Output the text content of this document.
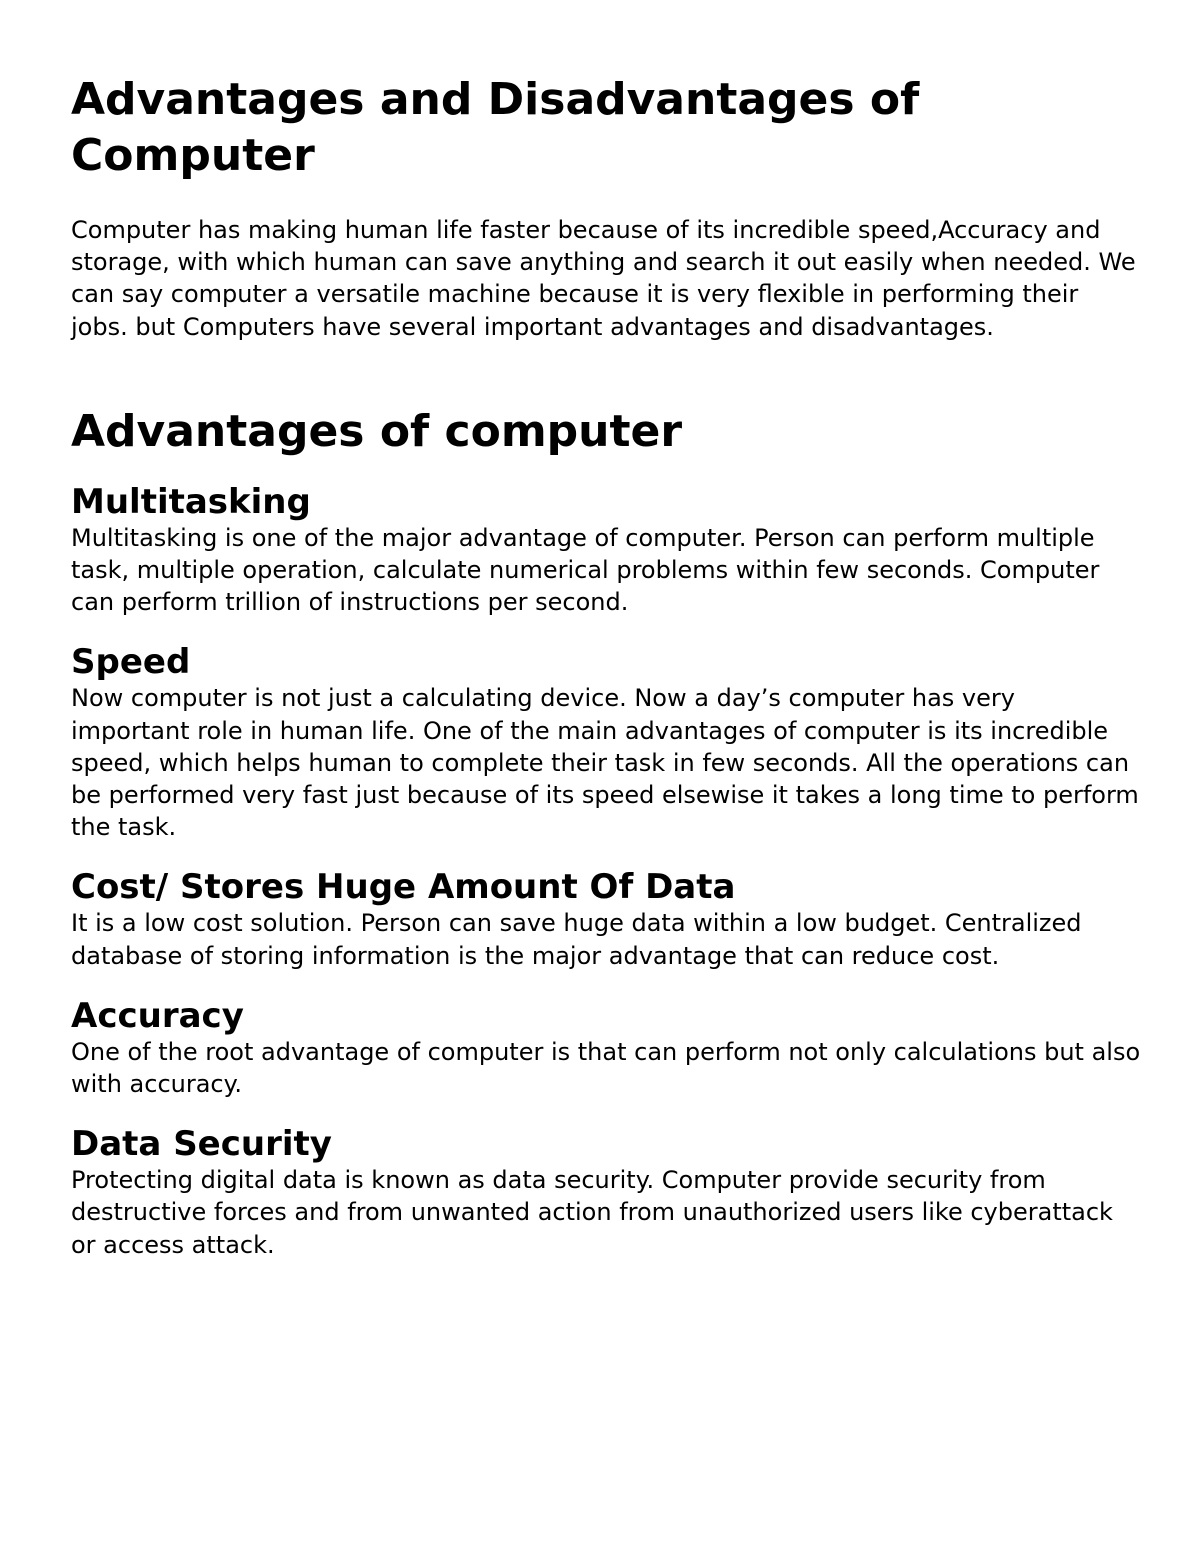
Advantages and Disadvantages of Computer

Computer has making human life faster because of its incredible speed,Accuracy and storage, with which human can save anything and search it out easily when needed. We can say computer a versatile machine because it is very flexible in performing their jobs. but Computers have several important advantages and disadvantages.

Advantages of computer
Multitasking

Multitasking is one of the major advantage of computer. Person can perform multiple task, multiple operation, calculate numerical problems within few seconds. Computer can perform trillion of instructions per second.

Speed

Now computer is not just a calculating device. Now a day’s computer has very important role in human life. One of the main advantages of computer is its incredible speed, which helps human to complete their task in few seconds. All the operations can be performed very fast just because of its speed elsewise it takes a long time to perform the task.

Cost/ Stores Huge Amount Of Data

It is a low cost solution. Person can save huge data within a low budget. Centralized database of storing information is the major advantage that can reduce cost.

Accuracy

One of the root advantage of computer is that can perform not only calculations but also with accuracy.

Data Security

Protecting digital data is known as data security. Computer provide security from destructive forces and from unwanted action from unauthorized users like cyberattack or access attack.
